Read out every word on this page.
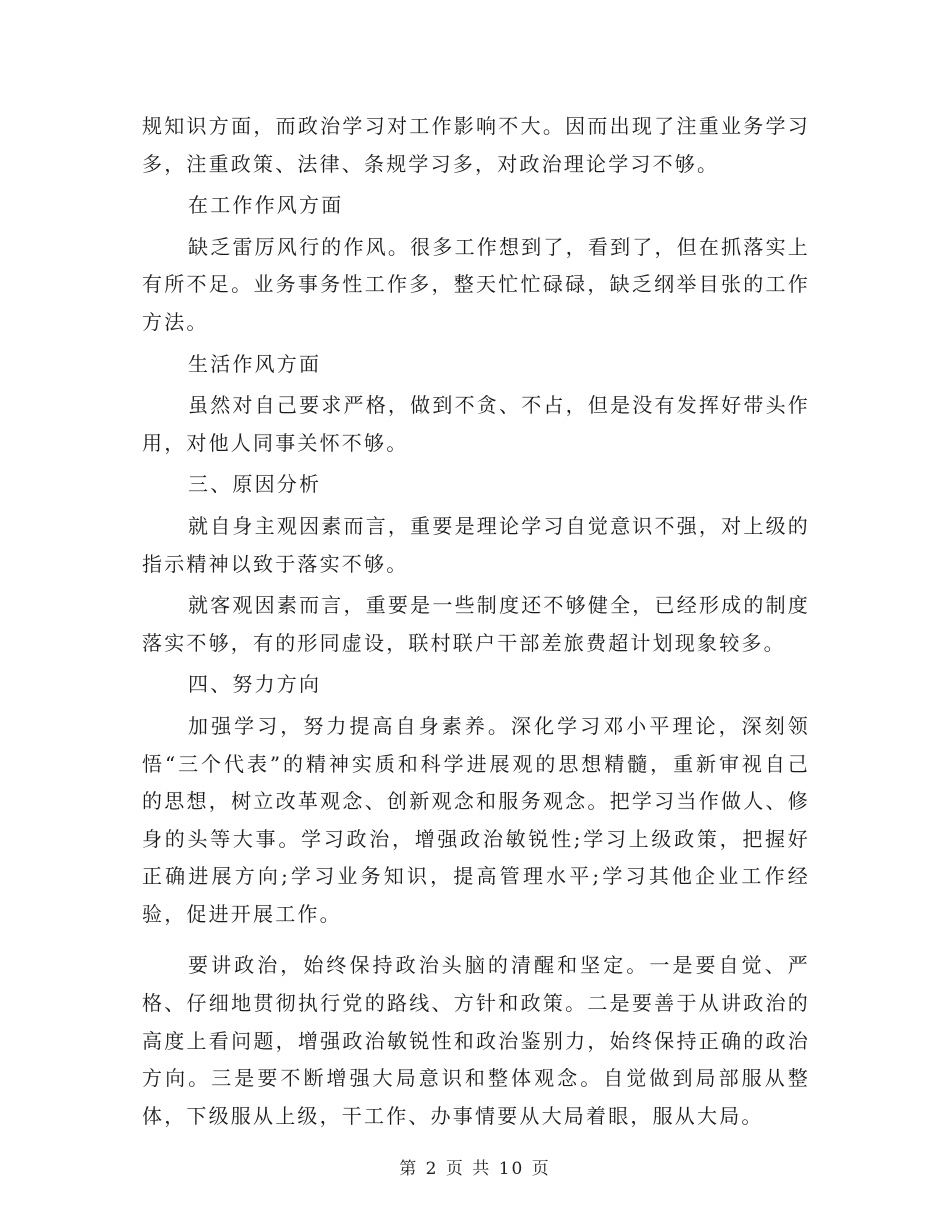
规知识方面，而政治学习对工作影响不大。因而出现了注重业务学习多，注重政策、法律、条规学习多，对政治理论学习不够。

在工作作风方面

缺乏雷厉风行的作风。很多工作想到了，看到了，但在抓落实上有所不足。业务事务性工作多，整天忙忙碌碌，缺乏纲举目张的工作方法。

生活作风方面

虽然对自己要求严格，做到不贪、不占，但是没有发挥好带头作用，对他人同事关怀不够。

三、原因分析

就自身主观因素而言，重要是理论学习自觉意识不强，对上级的指示精神以致于落实不够。

就客观因素而言，重要是一些制度还不够健全，已经形成的制度落实不够，有的形同虚设，联村联户干部差旅费超计划现象较多。

四、努力方向

加强学习，努力提高自身素养。深化学习邓小平理论，深刻领悟“三个代表”的精神实质和科学进展观的思想精髓，重新审视自己的思想，树立改革观念、创新观念和服务观念。把学习当作做人、修身的头等大事。学习政治，增强政治敏锐性;学习上级政策，把握好正确进展方向;学习业务知识，提高管理水平;学习其他企业工作经验，促进开展工作。

要讲政治，始终保持政治头脑的清醒和坚定。一是要自觉、严格、仔细地贯彻执行党的路线、方针和政策。二是要善于从讲政治的高度上看问题，增强政治敏锐性和政治鉴别力，始终保持正确的政治方向。三是要不断增强大局意识和整体观念。自觉做到局部服从整体，下级服从上级，干工作、办事情要从大局着眼，服从大局。

第 2 页 共 10 页
